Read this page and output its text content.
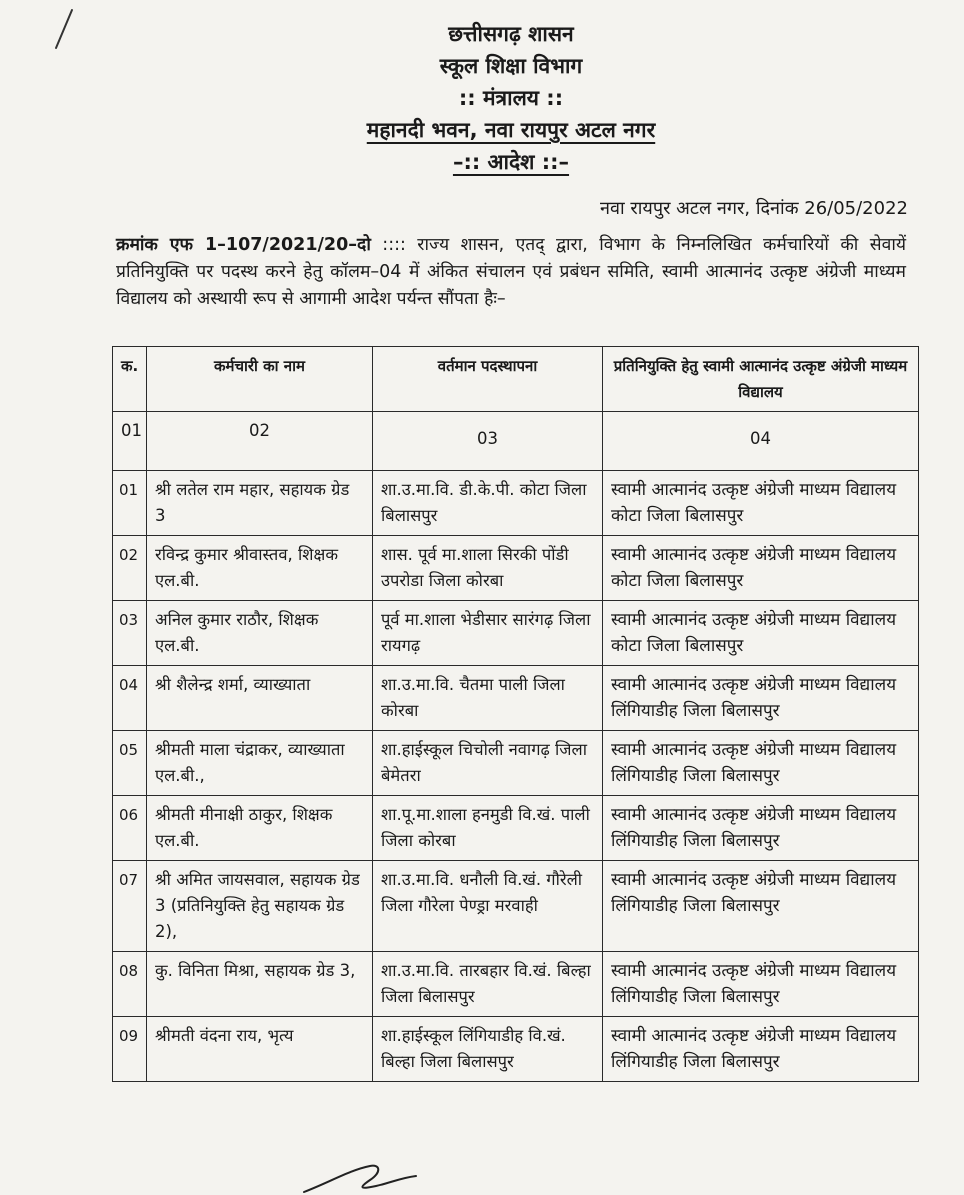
छत्तीसगढ़ शासन
स्कूल शिक्षा विभाग
:: मंत्रालय ::
महानदी भवन, नवा रायपुर अटल नगर
–:: आदेश ::–
नवा रायपुर अटल नगर, दिनांक 26/05/2022
क्रमांक एफ 1–107/2021/20–दो :::: राज्य शासन, एतद् द्वारा, विभाग के निम्नलिखित कर्मचारियों की सेवायें प्रतिनियुक्ति पर पदस्थ करने हेतु कॉलम–04 में अंकित संचालन एवं प्रबंधन समिति, स्वामी आत्मानंद उत्कृष्ट अंग्रेजी माध्यम विद्यालय को अस्थायी रूप से आगामी आदेश पर्यन्त सौंपता हैः–
क.	कर्मचारी का नाम	वर्तमान पदस्थापना	प्रतिनियुक्ति हेतु स्वामी आत्मानंद उत्कृष्ट अंग्रेजी माध्यम विद्यालय
01	02	03	04
01	श्री लतेल राम महार, सहायक ग्रेड 3	शा.उ.मा.वि. डी.के.पी. कोटा जिला बिलासपुर	स्वामी आत्मानंद उत्कृष्ट अंग्रेजी माध्यम विद्यालय कोटा जिला बिलासपुर
02	रविन्द्र कुमार श्रीवास्तव, शिक्षक एल.बी.	शास. पूर्व मा.शाला सिरकी पोंडी उपरोडा जिला कोरबा	स्वामी आत्मानंद उत्कृष्ट अंग्रेजी माध्यम विद्यालय कोटा जिला बिलासपुर
03	अनिल कुमार राठौर, शिक्षक एल.बी.	पूर्व मा.शाला भेडीसार सारंगढ़ जिला रायगढ़	स्वामी आत्मानंद उत्कृष्ट अंग्रेजी माध्यम विद्यालय कोटा जिला बिलासपुर
04	श्री शैलेन्द्र शर्मा, व्याख्याता	शा.उ.मा.वि. चैतमा पाली जिला कोरबा	स्वामी आत्मानंद उत्कृष्ट अंग्रेजी माध्यम विद्यालय लिंगियाडीह जिला बिलासपुर
05	श्रीमती माला चंद्राकर, व्याख्याता एल.बी.,	शा.हाईस्कूल चिचोली नवागढ़ जिला बेमेतरा	स्वामी आत्मानंद उत्कृष्ट अंग्रेजी माध्यम विद्यालय लिंगियाडीह जिला बिलासपुर
06	श्रीमती मीनाक्षी ठाकुर, शिक्षक एल.बी.	शा.पू.मा.शाला हनमुडी वि.खं. पाली जिला कोरबा	स्वामी आत्मानंद उत्कृष्ट अंग्रेजी माध्यम विद्यालय लिंगियाडीह जिला बिलासपुर
07	श्री अमित जायसवाल, सहायक ग्रेड 3 (प्रतिनियुक्ति हेतु सहायक ग्रेड 2),	शा.उ.मा.वि. धनौली वि.खं. गौरेली जिला गौरेला पेण्ड्रा मरवाही	स्वामी आत्मानंद उत्कृष्ट अंग्रेजी माध्यम विद्यालय लिंगियाडीह जिला बिलासपुर
08	कु. विनिता मिश्रा, सहायक ग्रेड 3,	शा.उ.मा.वि. तारबहार वि.खं. बिल्हा जिला बिलासपुर	स्वामी आत्मानंद उत्कृष्ट अंग्रेजी माध्यम विद्यालय लिंगियाडीह जिला बिलासपुर
09	श्रीमती वंदना राय, भृत्य	शा.हाईस्कूल लिंगियाडीह वि.खं. बिल्हा जिला बिलासपुर	स्वामी आत्मानंद उत्कृष्ट अंग्रेजी माध्यम विद्यालय लिंगियाडीह जिला बिलासपुर
